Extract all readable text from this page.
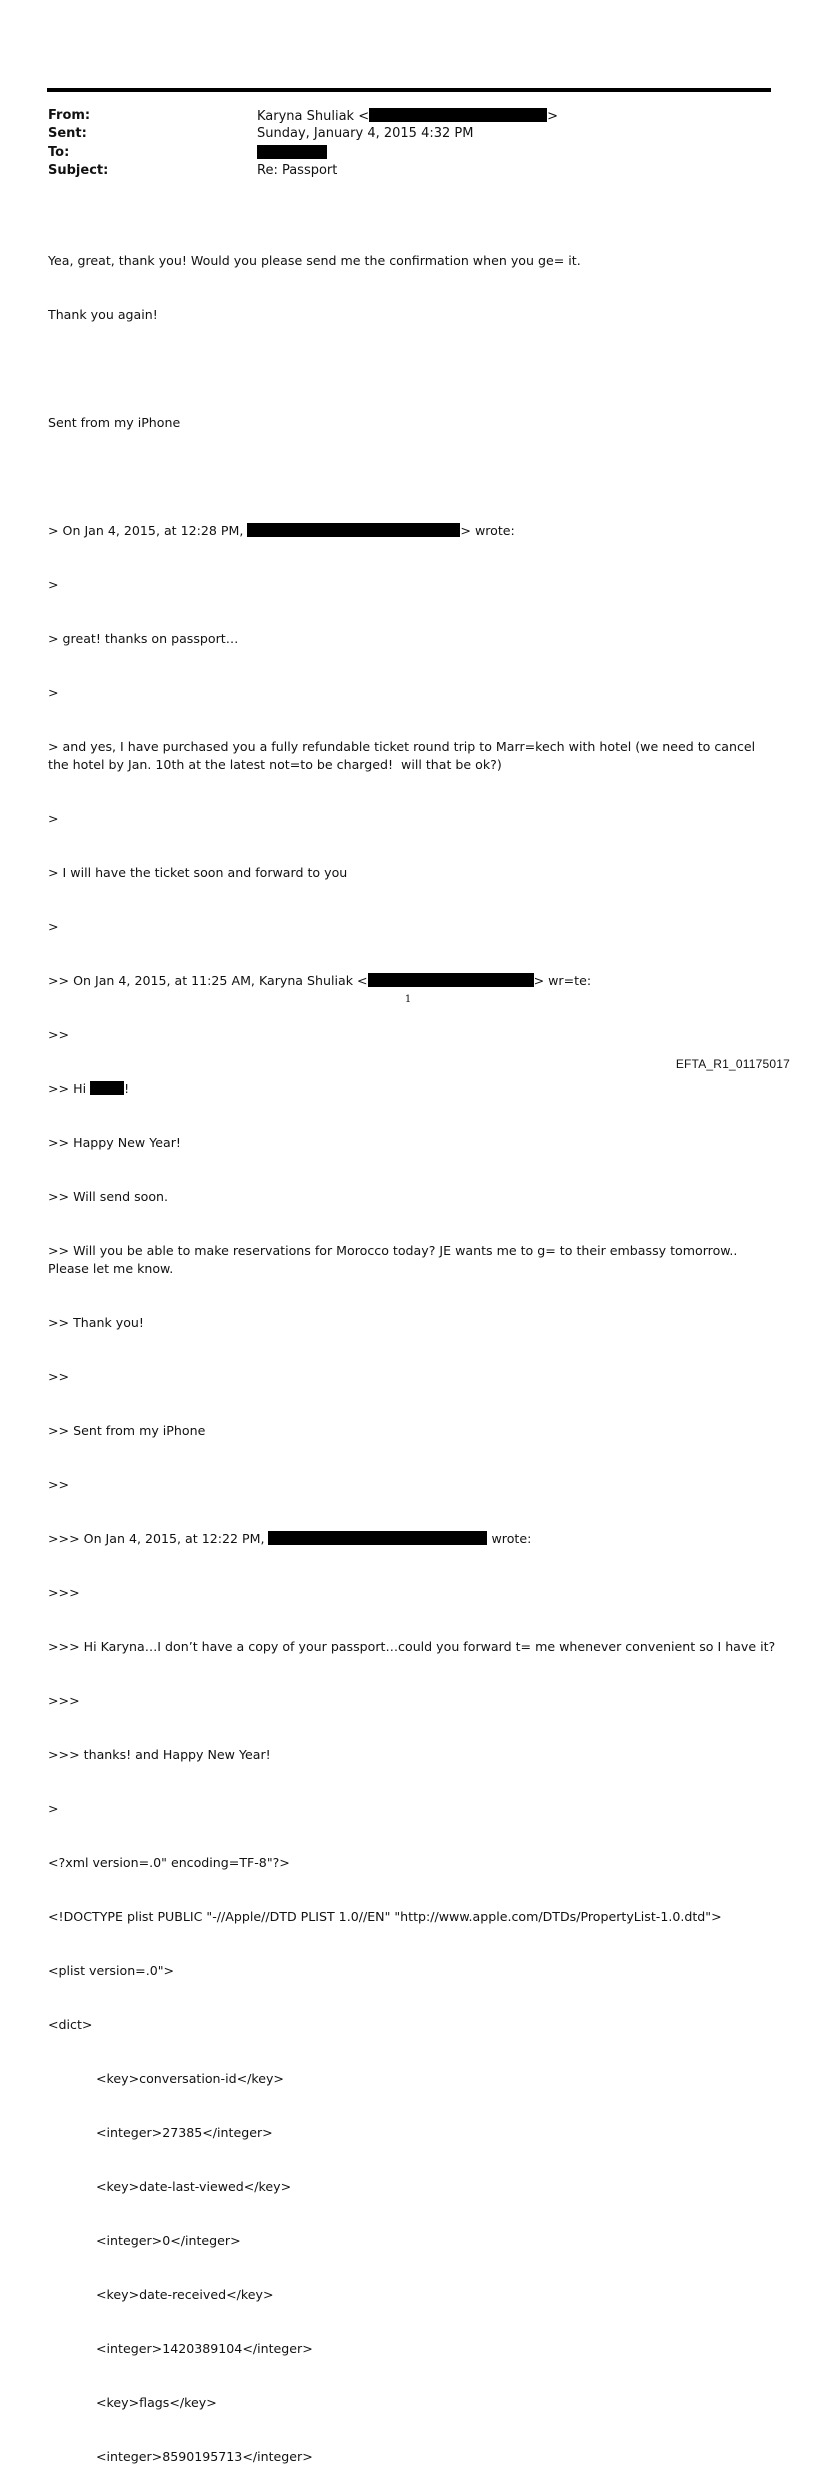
From:	Karyna Shuliak <	>
Sent:	Sunday, January 4, 2015 4:32 PM
To:
Subject:	Re: Passport

Yea, great, thank you! Would you please send me the confirmation when you ge= it.

Thank you again!

Sent from my iPhone

> On Jan 4, 2015, at 12:28 PM,	> wrote:

>

> great! thanks on passport…

>

> and yes, I have purchased you a fully refundable ticket round trip to Marr=kech with hotel (we need to cancel the hotel by Jan. 10th at the latest not=to be charged!  will that be ok?)

>

> I will have the ticket soon and forward to you

>

>> On Jan 4, 2015, at 11:25 AM, Karyna Shuliak <	> wr=te:

>>

>> Hi	!

>> Happy New Year!

>> Will send soon.

>> Will you be able to make reservations for Morocco today? JE wants me to g= to their embassy tomorrow.. Please let me know.

>> Thank you!

>>

>> Sent from my iPhone

>>

>>> On Jan 4, 2015, at 12:22 PM,	wrote:

>>>

>>> Hi Karyna…I don’t have a copy of your passport…could you forward t= me whenever convenient so I have it?

>>>

>>> thanks! and Happy New Year!

>

<?xml version=.0" encoding=TF-8"?>

<!DOCTYPE plist PUBLIC "-//Apple//DTD PLIST 1.0//EN" "http://www.apple.com/DTDs/PropertyList-1.0.dtd">

<plist version=.0">

<dict>

<key>conversation-id</key>

<integer>27385</integer>

<key>date-last-viewed</key>

<integer>0</integer>

<key>date-received</key>

<integer>1420389104</integer>

<key>flags</key>

<integer>8590195713</integer>

1
EFTA_R1_01175017
